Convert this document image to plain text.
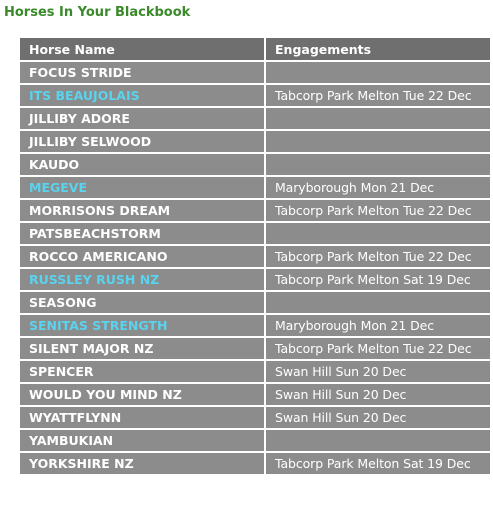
Horses In Your Blackbook
Horse Name	Engagements
FOCUS STRIDE	
ITS BEAUJOLAIS	Tabcorp Park Melton Tue 22 Dec
JILLIBY ADORE	
JILLIBY SELWOOD	
KAUDO	
MEGEVE	Maryborough Mon 21 Dec
MORRISONS DREAM	Tabcorp Park Melton Tue 22 Dec
PATSBEACHSTORM	
ROCCO AMERICANO	Tabcorp Park Melton Tue 22 Dec
RUSSLEY RUSH NZ	Tabcorp Park Melton Sat 19 Dec
SEASONG	
SENITAS STRENGTH	Maryborough Mon 21 Dec
SILENT MAJOR NZ	Tabcorp Park Melton Tue 22 Dec
SPENCER	Swan Hill Sun 20 Dec
WOULD YOU MIND NZ	Swan Hill Sun 20 Dec
WYATTFLYNN	Swan Hill Sun 20 Dec
YAMBUKIAN	
YORKSHIRE NZ	Tabcorp Park Melton Sat 19 Dec
